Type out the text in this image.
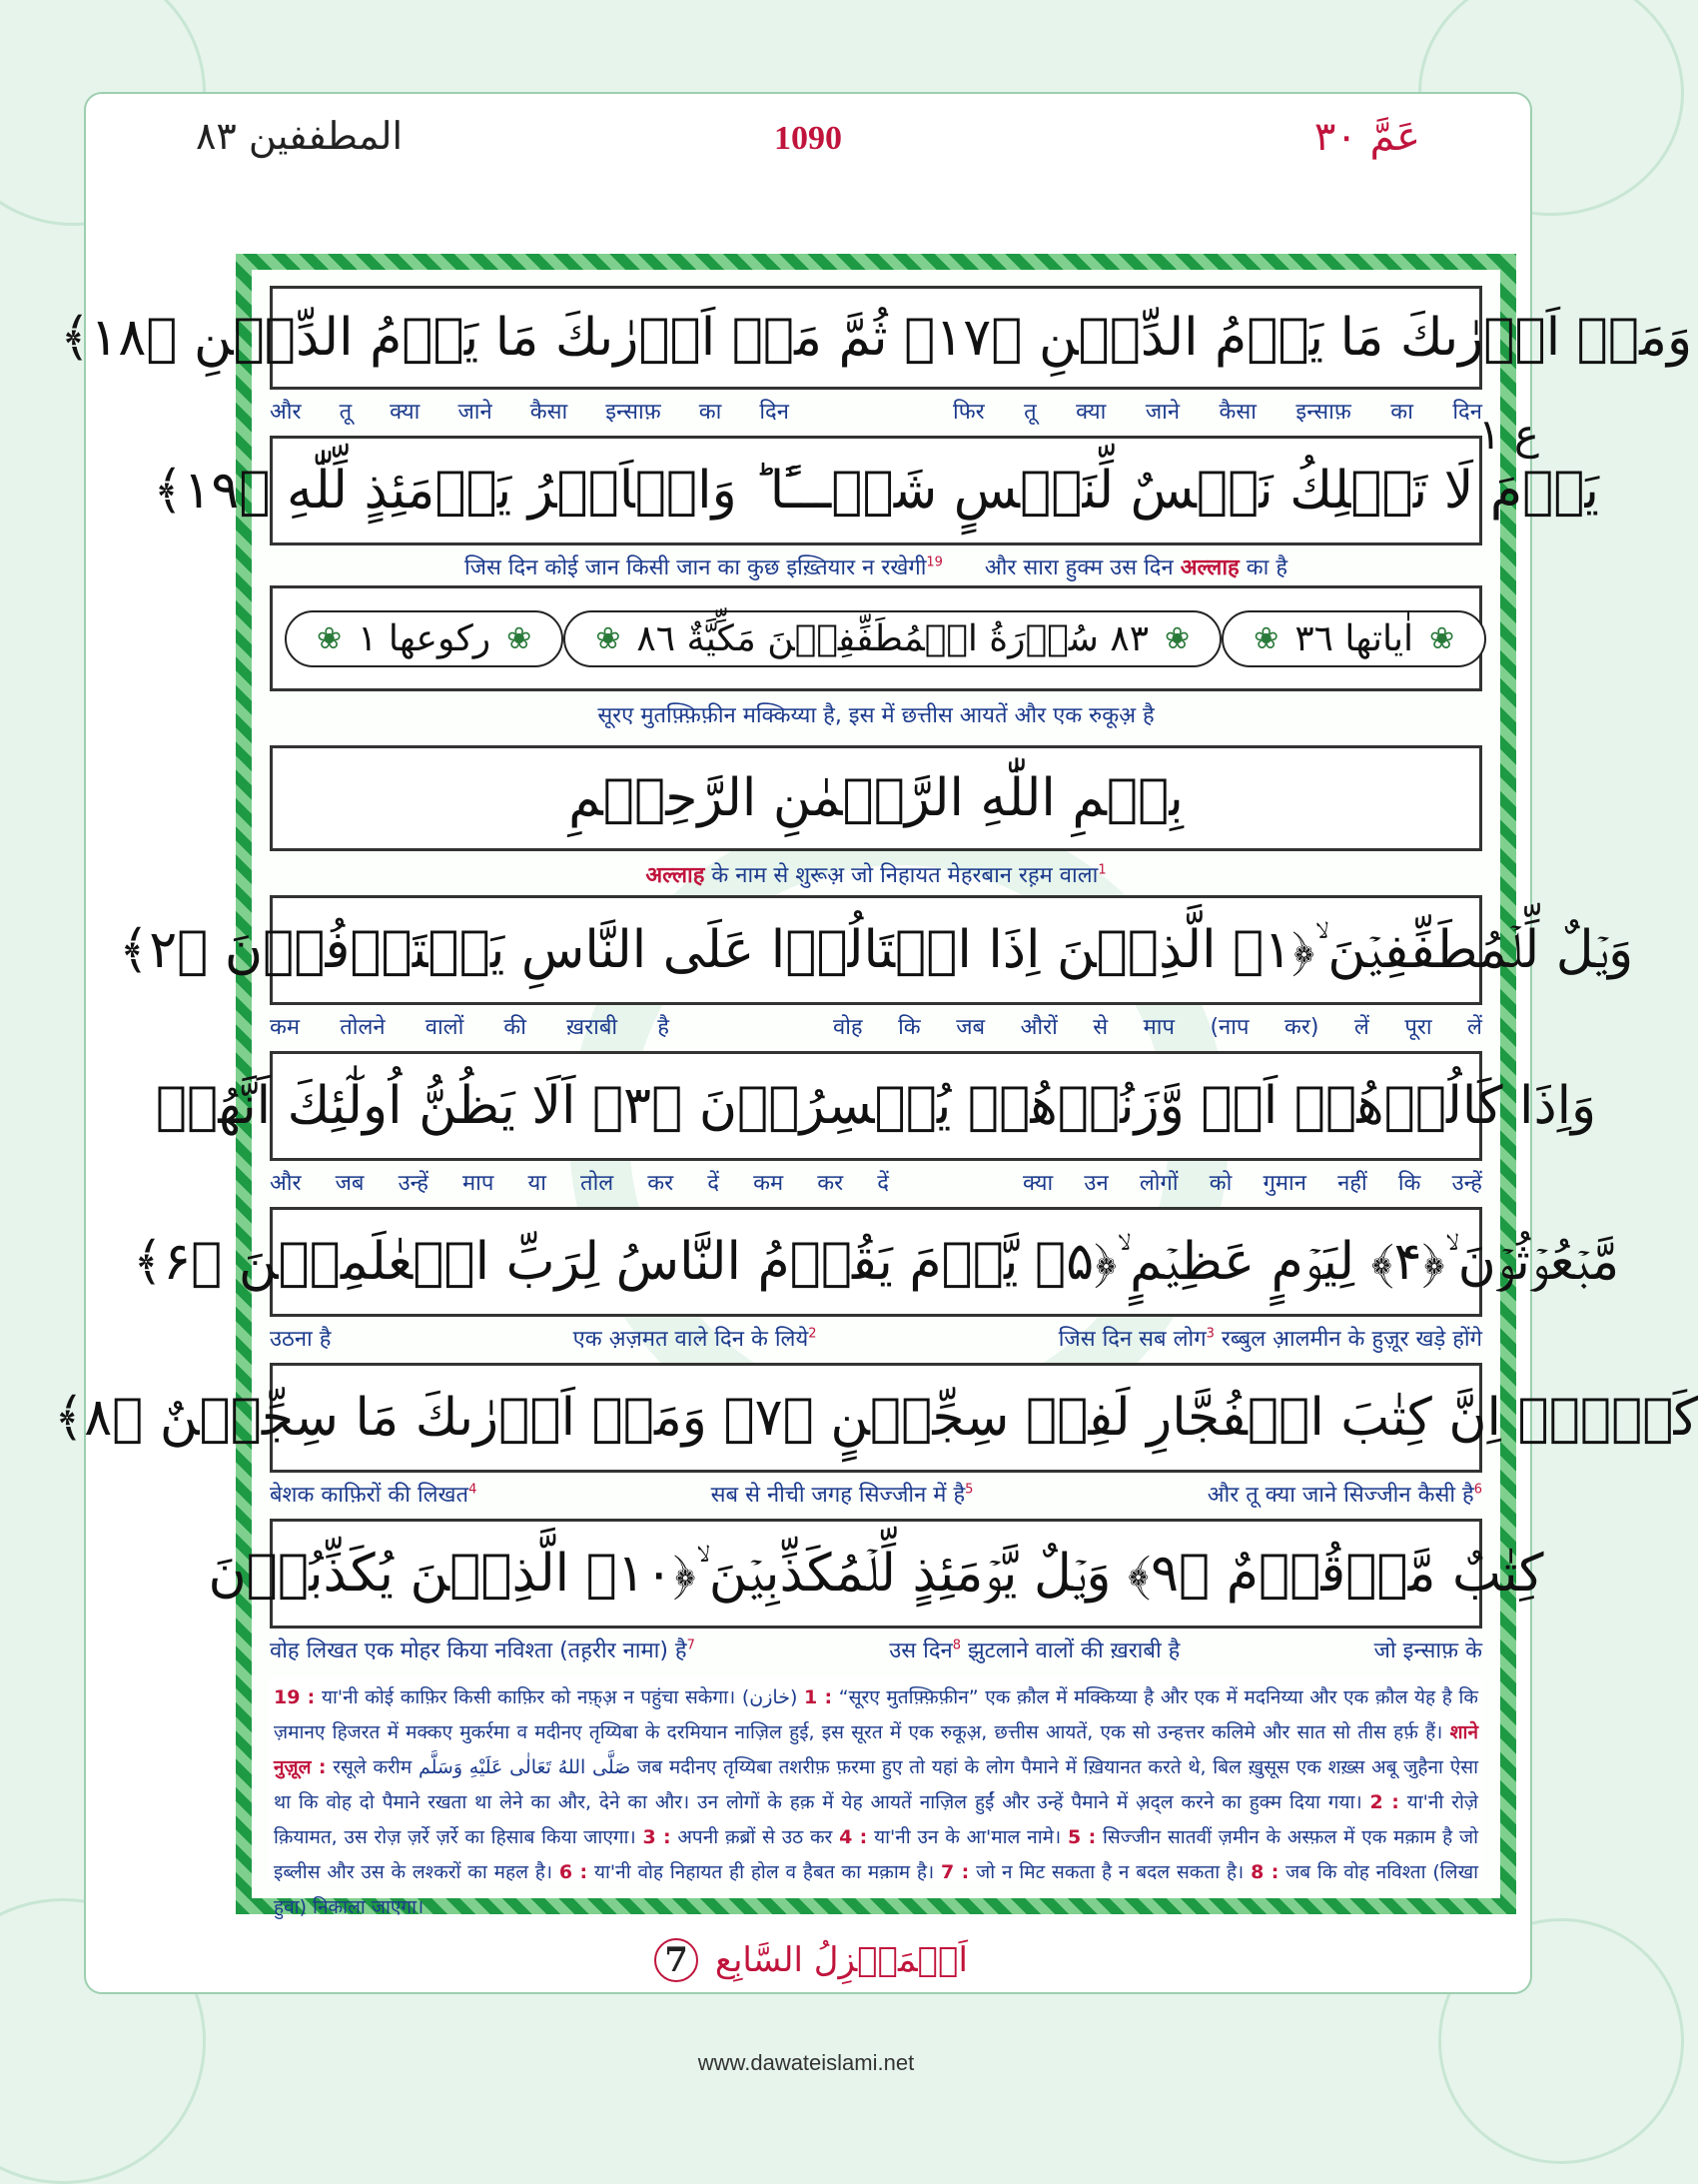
المطففين ٨٣	1090	عَمَّ ٣٠
وَمَاۤ اَدۡرٰىكَ مَا يَوۡمُ الدِّيۡنِ ﴿۱۷﴾ ثُمَّ مَاۤ اَدۡرٰىكَ مَا يَوۡمُ الدِّيۡنِ ﴿۱۸﴾
और तू क्या जाने कैसा इन्साफ़ का दिन	फिर तू क्या जाने कैसा इन्साफ़ का दिन
يَوۡمَ لَا تَمۡلِكُ نَفۡسٌ لِّنَفۡسٍ شَيۡـــًٔا ؕ وَالۡاَمۡرُ يَوۡمَئِذٍ لِّلّٰهِ ﴿۱۹﴾
जिस दिन कोई जान किसी जान का कुछ इख़्तियार न रखेगी$^{19}$ और सारा हुक्म उस दिन अल्लाह का है
❀ رکوعها ١ ❀ ❀ ٨٣ سُوۡرَةُ الۡمُطَفِّفِيۡنَ مَكِّيَّةٌ ٨٦ ❀ ❀ اٰیاتها ٣٦ ❀
सूरए मुतफ़्फ़िफ़ीन मक्किय्या है, इस में छत्तीस आयतें और एक रुकूअ़ है
بِسۡمِ اللّٰهِ الرَّحۡمٰنِ الرَّحِيۡمِ
अल्लाह के नाम से शुरूअ़ जो निहायत मेहरबान रह़म वाला$^1$
وَيۡلٌ لِّلۡمُطَفِّفِيۡنَ ۙ﴿۱﴾ الَّذِيۡنَ اِذَا اكۡتَالُوۡا عَلَى النَّاسِ يَسۡتَوۡفُوۡنَ ﴿۲﴾
कम तोलने वालों की ख़राबी है	वोह कि जब औरों से माप (नाप कर) लें पूरा लें
وَاِذَا كَالُوۡهُمۡ اَوۡ وَّزَنُوۡهُمۡ يُخۡسِرُوۡنَ ﴿۳﴾ اَلَا يَظُنُّ اُولٰٓئِكَ اَنَّهُمۡ
और जब उन्हें माप या तोल कर दें कम कर दें	क्या उन लोगों को गुमान नहीं कि उन्हें
مَّبۡعُوۡثُوۡنَ ۙ﴿۴﴾ لِيَوۡمٍ عَظِيۡمٍ ۙ﴿۵﴾ يَّوۡمَ يَقُوۡمُ النَّاسُ لِرَبِّ الۡعٰلَمِيۡنَ ﴿۶﴾
उठना है	एक अ़ज़मत वाले दिन के लिये$^2$	जिस दिन सब लोग$^3$ रब्बुल आ़लमीन के हुज़ूर खड़े होंगे
كَلَّاۤ اِنَّ كِتٰبَ الۡفُجَّارِ لَفِىۡ سِجِّيۡنٍ ﴿۷﴾ وَمَاۤ اَدۡرٰىكَ مَا سِجِّيۡنٌ ﴿۸﴾
बेशक काफ़िरों की लिखत$^4$	सब से नीची जगह सिज्जीन में है$^5$	और तू क्या जाने सिज्जीन कैसी है$^6$
كِتٰبٌ مَّرۡقُوۡمٌ ﴿۹﴾ وَيۡلٌ يَّوۡمَئِذٍ لِّلۡمُكَذِّبِيۡنَ ۙ﴿۱۰﴾ الَّذِيۡنَ يُكَذِّبُوۡنَ
वोह लिखत एक मोहर किया नविश्ता (तह़रीर नामा) है$^7$	उस दिन$^8$ झुटलाने वालों की ख़राबी है	जो इन्साफ़ के
19 : या'नी कोई काफ़िर किसी काफ़िर को नफ़्अ़ न पहुंचा सकेगा। (خازن) 1 : “सूरए मुतफ़्फ़िफ़ीन” एक क़ौल में मक्किय्या है और एक में मदनिय्या और एक क़ौल येह है कि ज़मानए हिजरत में मक्कए मुकर्रमा व मदीनए तृय्यिबा के दरमियान नाज़िल हुई, इस सूरत में एक रुकूअ़, छत्तीस आयतें, एक सो उन्हत्तर कलिमे और सात सो तीस हर्फ़ हैं। शाने नुज़ूल : रसूले करीम صَلَّى اللهُ تَعَالٰى عَلَيْهِ وَسَلَّم जब मदीनए तृय्यिबा तशरीफ़ फ़रमा हुए तो यहां के लोग पैमाने में ख़ियानत करते थे, बिल ख़ुसूस एक शख़्स अबू जुहैना ऐसा था कि वोह दो पैमाने रखता था लेने का और, देने का और। उन लोगों के हक़ में येह आयतें नाज़िल हुईं और उन्हें पैमाने में अ़द्ल करने का हुक्म दिया गया। 2 : या'नी रोज़े क़ियामत, उस रोज़ ज़र्रे ज़र्रे का हिसाब किया जाएगा। 3 : अपनी क़ब्रों से उठ कर 4 : या'नी उन के आ'माल नामे। 5 : सिज्जीन सातवीं ज़मीन के अस्फ़ल में एक मक़ाम है जो इब्लीस और उस के लश्करों का महल है। 6 : या'नी वोह निहायत ही होल व हैबत का मक़ाम है। 7 : जो न मिट सकता है न बदल सकता है। 8 : जब कि वोह नविश्ता (लिखा हुवा) निकाला जाएगा।
اَلۡمَنۡزِلُ السَّابِع 7
ع ١
www.dawateislami.net
